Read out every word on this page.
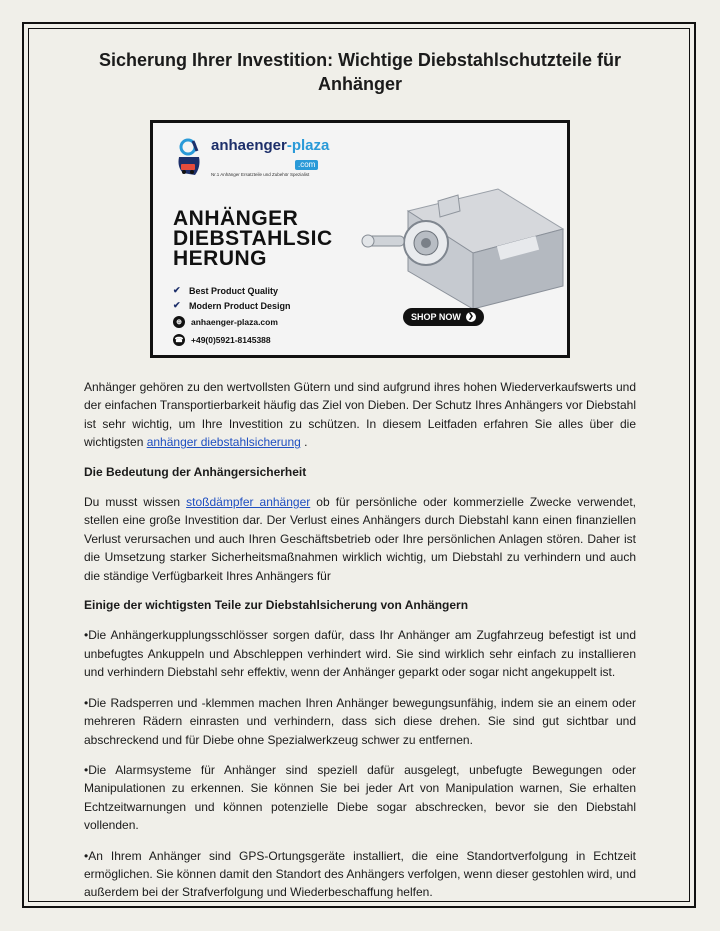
Sicherung Ihrer Investition: Wichtige Diebstahlschutzteile für Anhänger
anhaenger-plaza
.com
Nr.1 Anhänger Ersatzteile und Zubehör Spezialist
ANHÄNGER
DIEBSTAHLSIC
HERUNG
✔ Best Product Quality
✔ Modern Product Design
⊕	anhaenger-plaza.com
☎ +49(0)5921-8145388
SHOP NOW ❯

Anhänger gehören zu den wertvollsten Gütern und sind aufgrund ihres hohen Wiederverkaufswerts und der einfachen Transportierbarkeit häufig das Ziel von Dieben. Der Schutz Ihres Anhängers vor Diebstahl ist sehr wichtig, um Ihre Investition zu schützen. In diesem Leitfaden erfahren Sie alles über die wichtigsten anhänger diebstahlsicherung .

Die Bedeutung der Anhängersicherheit

Du musst wissen stoßdämpfer anhänger ob für persönliche oder kommerzielle Zwecke verwendet, stellen eine große Investition dar. Der Verlust eines Anhängers durch Diebstahl kann einen finanziellen Verlust verursachen und auch Ihren Geschäftsbetrieb oder Ihre persönlichen Anlagen stören. Daher ist die Umsetzung starker Sicherheitsmaßnahmen wirklich wichtig, um Diebstahl zu verhindern und auch die ständige Verfügbarkeit Ihres Anhängers für

Einige der wichtigsten Teile zur Diebstahlsicherung von Anhängern

•Die Anhängerkupplungsschlösser sorgen dafür, dass Ihr Anhänger am Zugfahrzeug befestigt ist und unbefugtes Ankuppeln und Abschleppen verhindert wird. Sie sind wirklich sehr einfach zu installieren und verhindern Diebstahl sehr effektiv, wenn der Anhänger geparkt oder sogar nicht angekuppelt ist.

•Die Radsperren und -klemmen machen Ihren Anhänger bewegungsunfähig, indem sie an einem oder mehreren Rädern einrasten und verhindern, dass sich diese drehen. Sie sind gut sichtbar und abschreckend und für Diebe ohne Spezialwerkzeug schwer zu entfernen.

•Die Alarmsysteme für Anhänger sind speziell dafür ausgelegt, unbefugte Bewegungen oder Manipulationen zu erkennen. Sie können Sie bei jeder Art von Manipulation warnen, Sie erhalten Echtzeitwarnungen und können potenzielle Diebe sogar abschrecken, bevor sie den Diebstahl vollenden.

•An Ihrem Anhänger sind GPS-Ortungsgeräte installiert, die eine Standortverfolgung in Echtzeit ermöglichen. Sie können damit den Standort des Anhängers verfolgen, wenn dieser gestohlen wird, und außerdem bei der Strafverfolgung und Wiederbeschaffung helfen.
